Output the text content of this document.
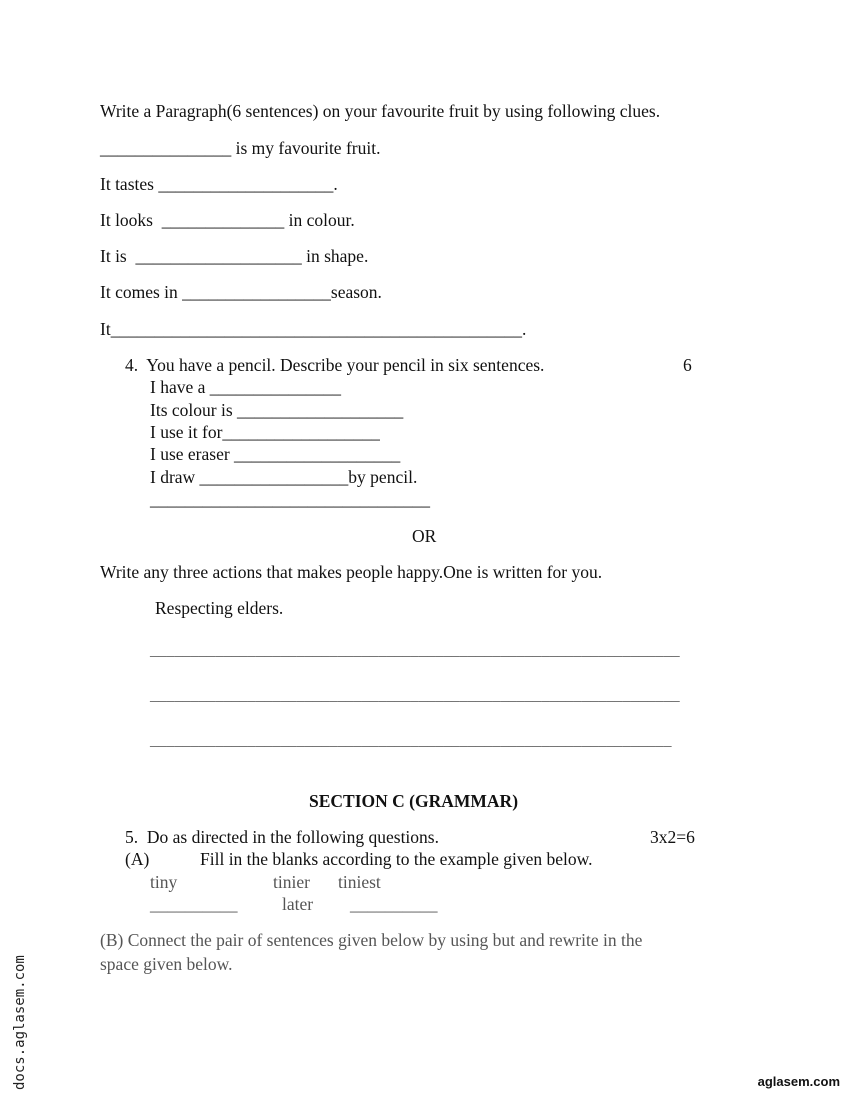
Write a Paragraph(6 sentences) on your favourite fruit by using following clues.
_______________ is my favourite fruit.
It tastes ____________________.
It looks  ______________ in colour.
It is  ___________________ in shape.
It comes in _________________season.
It_______________________________________________.
4.  You have a pencil. Describe your pencil in six sentences.	6
I have a _______________
Its colour is ___________________
I use it for__________________
I use eraser ___________________
I draw _________________by pencil.
________________________________
OR
Write any three actions that makes people happy.One is written for you.
Respecting elders.
_________________________________________________________________
_________________________________________________________________
________________________________________________________________
SECTION C (GRAMMAR)
5.  Do as directed in the following questions.	3x2=6
(A)	Fill in the blanks according to the example given below.
tiny	tinier tiniest
__________	later __________
(B) Connect the pair of sentences given below by using but and rewrite in the
space given below.
docs.aglasem.com	aglasem.com
